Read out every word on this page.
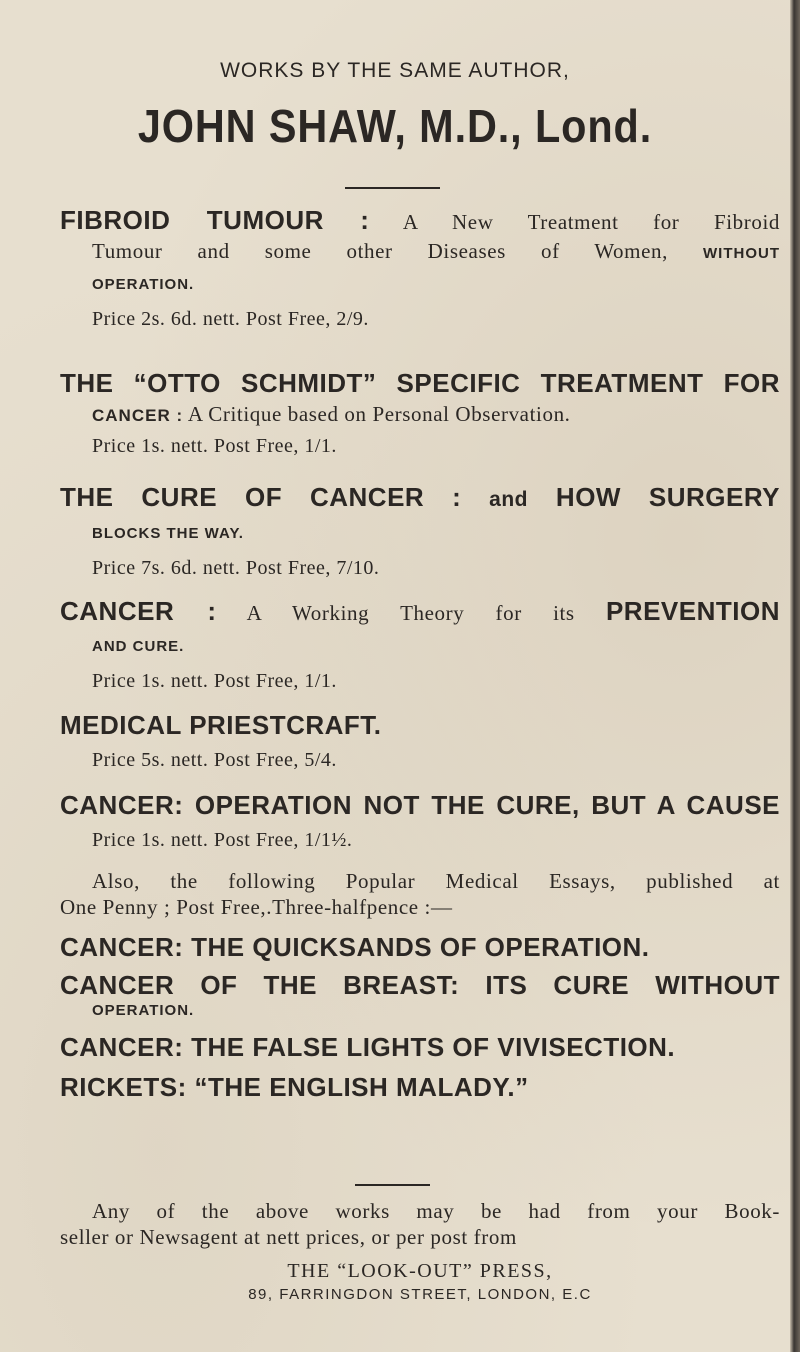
WORKS BY THE SAME AUTHOR,
JOHN SHAW, M.D., Lond.
FIBROID TUMOUR : A New Treatment for Fibroid
Tumour and some other Diseases of Women, WITHOUT
OPERATION.
Price 2s. 6d. nett. Post Free, 2/9.
THE “OTTO SCHMIDT” SPECIFIC TREATMENT FOR
CANCER : A Critique based on Personal Observation.
Price 1s. nett. Post Free, 1/1.
THE CURE OF CANCER : and HOW SURGERY
BLOCKS THE WAY.
Price 7s. 6d. nett. Post Free, 7/10.
CANCER : A Working Theory for its PREVENTION
AND CURE.
Price 1s. nett. Post Free, 1/1.
MEDICAL PRIESTCRAFT.
Price 5s. nett. Post Free, 5/4.
CANCER: OPERATION NOT THE CURE, BUT A CAUSE
Price 1s. nett. Post Free, 1/1½.
Also, the following Popular Medical Essays, published at
One Penny ; Post Free,.Three-halfpence :—
CANCER: THE QUICKSANDS OF OPERATION.
CANCER OF THE BREAST: ITS CURE WITHOUT
OPERATION.
CANCER: THE FALSE LIGHTS OF VIVISECTION.
RICKETS: “THE ENGLISH MALADY.”
Any of the above works may be had from your Book-
seller or Newsagent at nett prices, or per post from
THE “LOOK-OUT” PRESS,
89, FARRINGDON STREET, LONDON, E.C
